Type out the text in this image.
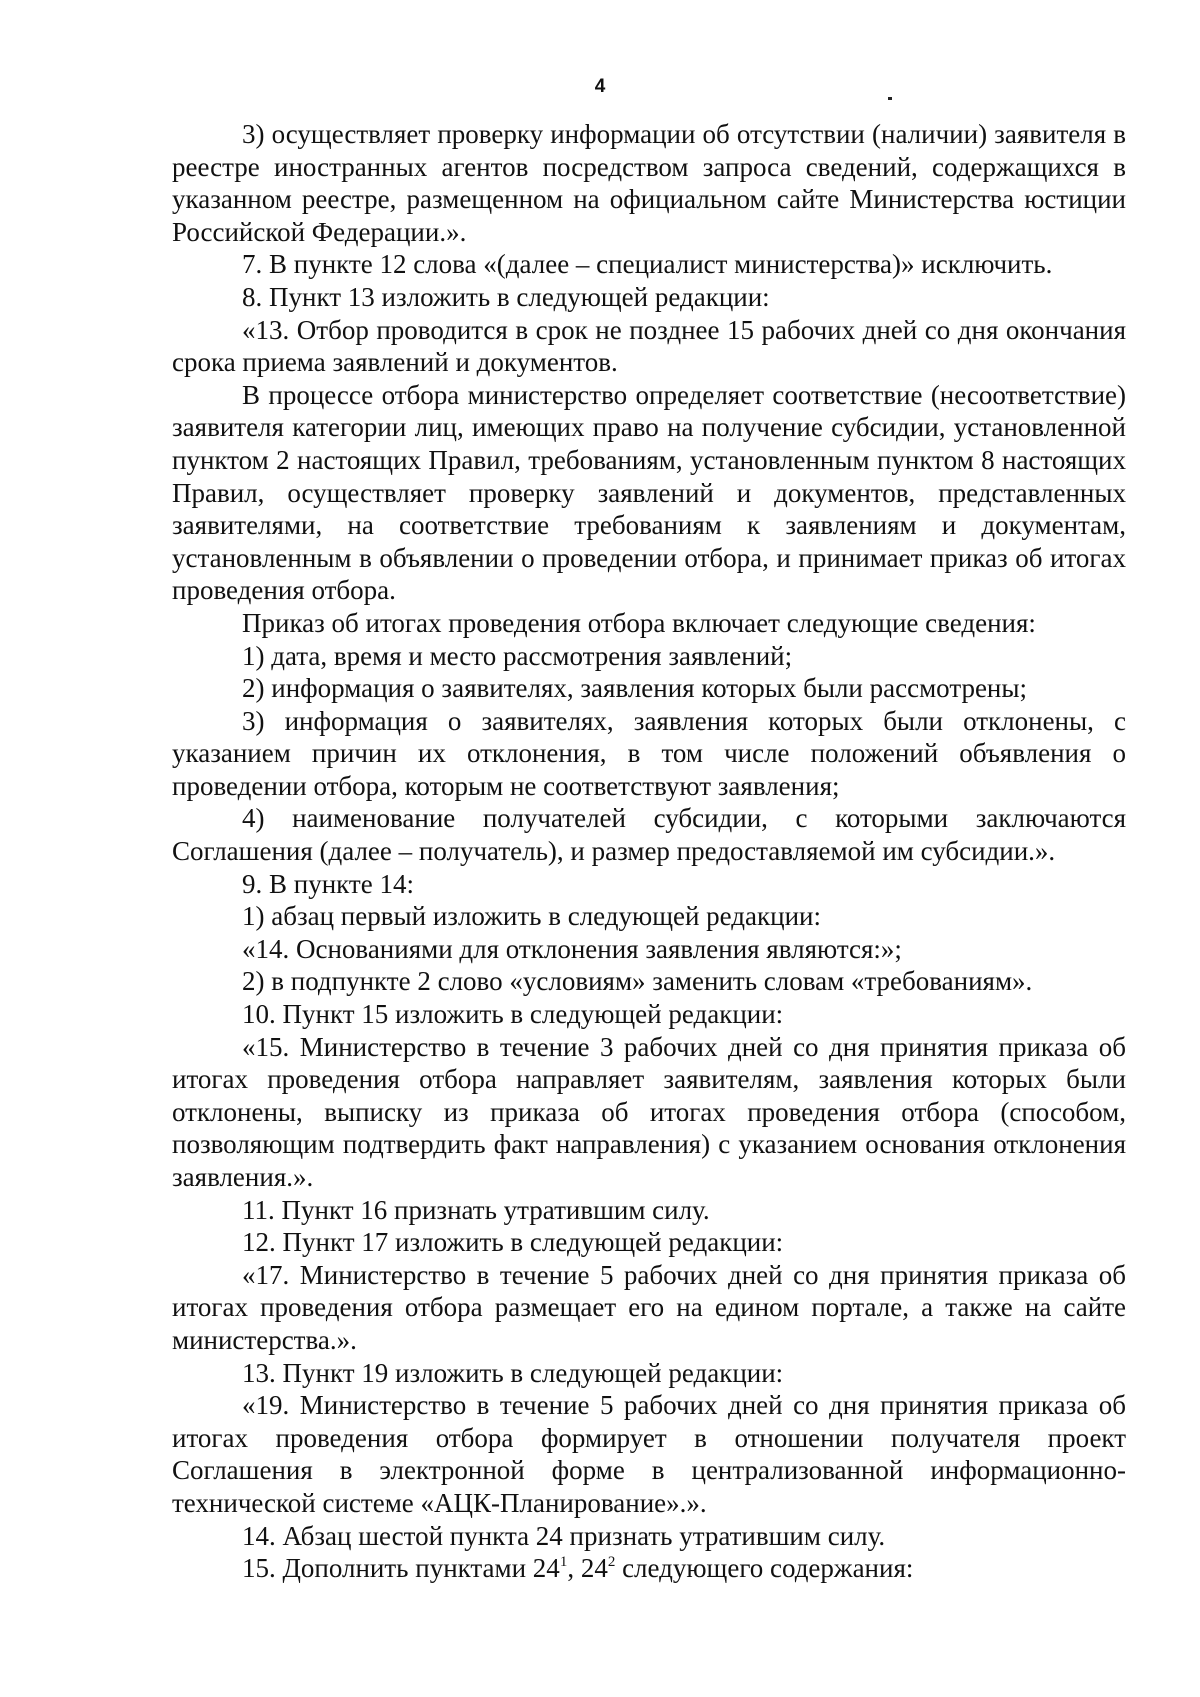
4

3) осуществляет проверку информации об отсутствии (наличии) заявителя в реестре иностранных агентов посредством запроса сведений, содержащихся в указанном реестре, размещенном на официальном сайте Министерства юстиции Российской Федерации.».

7. В пункте 12 слова «(далее – специалист министерства)» исключить.

8. Пункт 13 изложить в следующей редакции:

«13. Отбор проводится в срок не позднее 15 рабочих дней со дня окончания срока приема заявлений и документов.

В процессе отбора министерство определяет соответствие (несоответствие) заявителя категории лиц, имеющих право на получение субсидии, установленной пунктом 2 настоящих Правил, требованиям, установленным пунктом 8 настоящих Правил, осуществляет проверку заявлений и документов, представленных заявителями, на соответствие требованиям к заявлениям и документам, установленным в объявлении о проведении отбора, и принимает приказ об итогах проведения отбора.

Приказ об итогах проведения отбора включает следующие сведения:

1) дата, время и место рассмотрения заявлений;

2) информация о заявителях, заявления которых были рассмотрены;

3) информация о заявителях, заявления которых были отклонены, с указанием причин их отклонения, в том числе положений объявления о проведении отбора, которым не соответствуют заявления;

4) наименование получателей субсидии, с которыми заключаются Соглашения (далее – получатель), и размер предоставляемой им субсидии.».

9. В пункте 14:

1) абзац первый изложить в следующей редакции:

«14. Основаниями для отклонения заявления являются:»;

2) в подпункте 2 слово «условиям» заменить словам «требованиям».

10. Пункт 15 изложить в следующей редакции:

«15. Министерство в течение 3 рабочих дней со дня принятия приказа об итогах проведения отбора направляет заявителям, заявления которых были отклонены, выписку из приказа об итогах проведения отбора (способом, позволяющим подтвердить факт направления) с указанием основания отклонения заявления.».

11. Пункт 16 признать утратившим силу.

12. Пункт 17 изложить в следующей редакции:

«17. Министерство в течение 5 рабочих дней со дня принятия приказа об итогах проведения отбора размещает его на едином портале, а также на сайте министерства.».

13. Пункт 19 изложить в следующей редакции:

«19. Министерство в течение 5 рабочих дней со дня принятия приказа об итогах проведения отбора формирует в отношении получателя проект Соглашения в электронной форме в централизованной информационно-технической системе «АЦК-Планирование».».

14. Абзац шестой пункта 24 признать утратившим силу.

15. Дополнить пунктами $24^1$, $24^2$ следующего содержания:
